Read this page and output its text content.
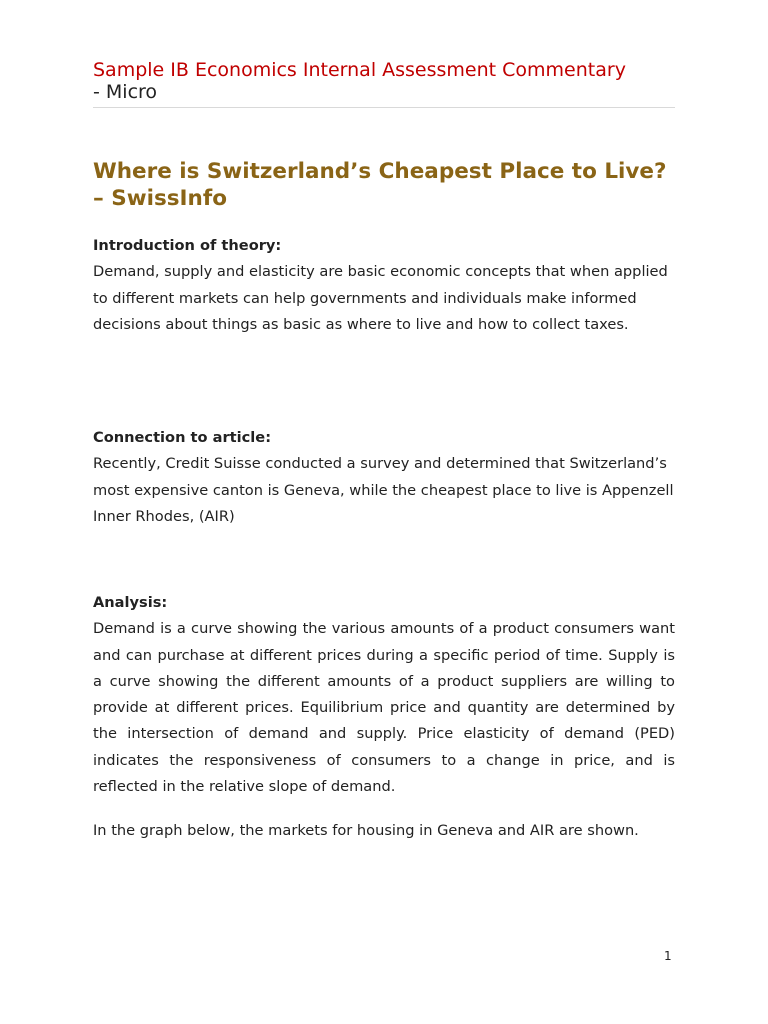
Sample IB Economics Internal Assessment Commentary
- Micro
Where is Switzerland’s Cheapest Place to Live? – SwissInfo
Introduction of theory:

Demand, supply and elasticity are basic economic concepts that when applied to different markets can help governments and individuals make informed decisions about things as basic as where to live and how to collect taxes.

Connection to article:

Recently, Credit Suisse conducted a survey and determined that Switzerland’s most expensive canton is Geneva, while the cheapest place to live is Appenzell Inner Rhodes, (AIR)

Analysis:

Demand is a curve showing the various amounts of a product consumers want and can purchase at different prices during a specific period of time. Supply is a curve showing the different amounts of a product suppliers are willing to provide at different prices. Equilibrium price and quantity are determined by the intersection of demand and supply. Price elasticity of demand (PED) indicates the responsiveness of consumers to a change in price, and is reflected in the relative slope of demand.

In the graph below, the markets for housing in Geneva and AIR are shown.

1
